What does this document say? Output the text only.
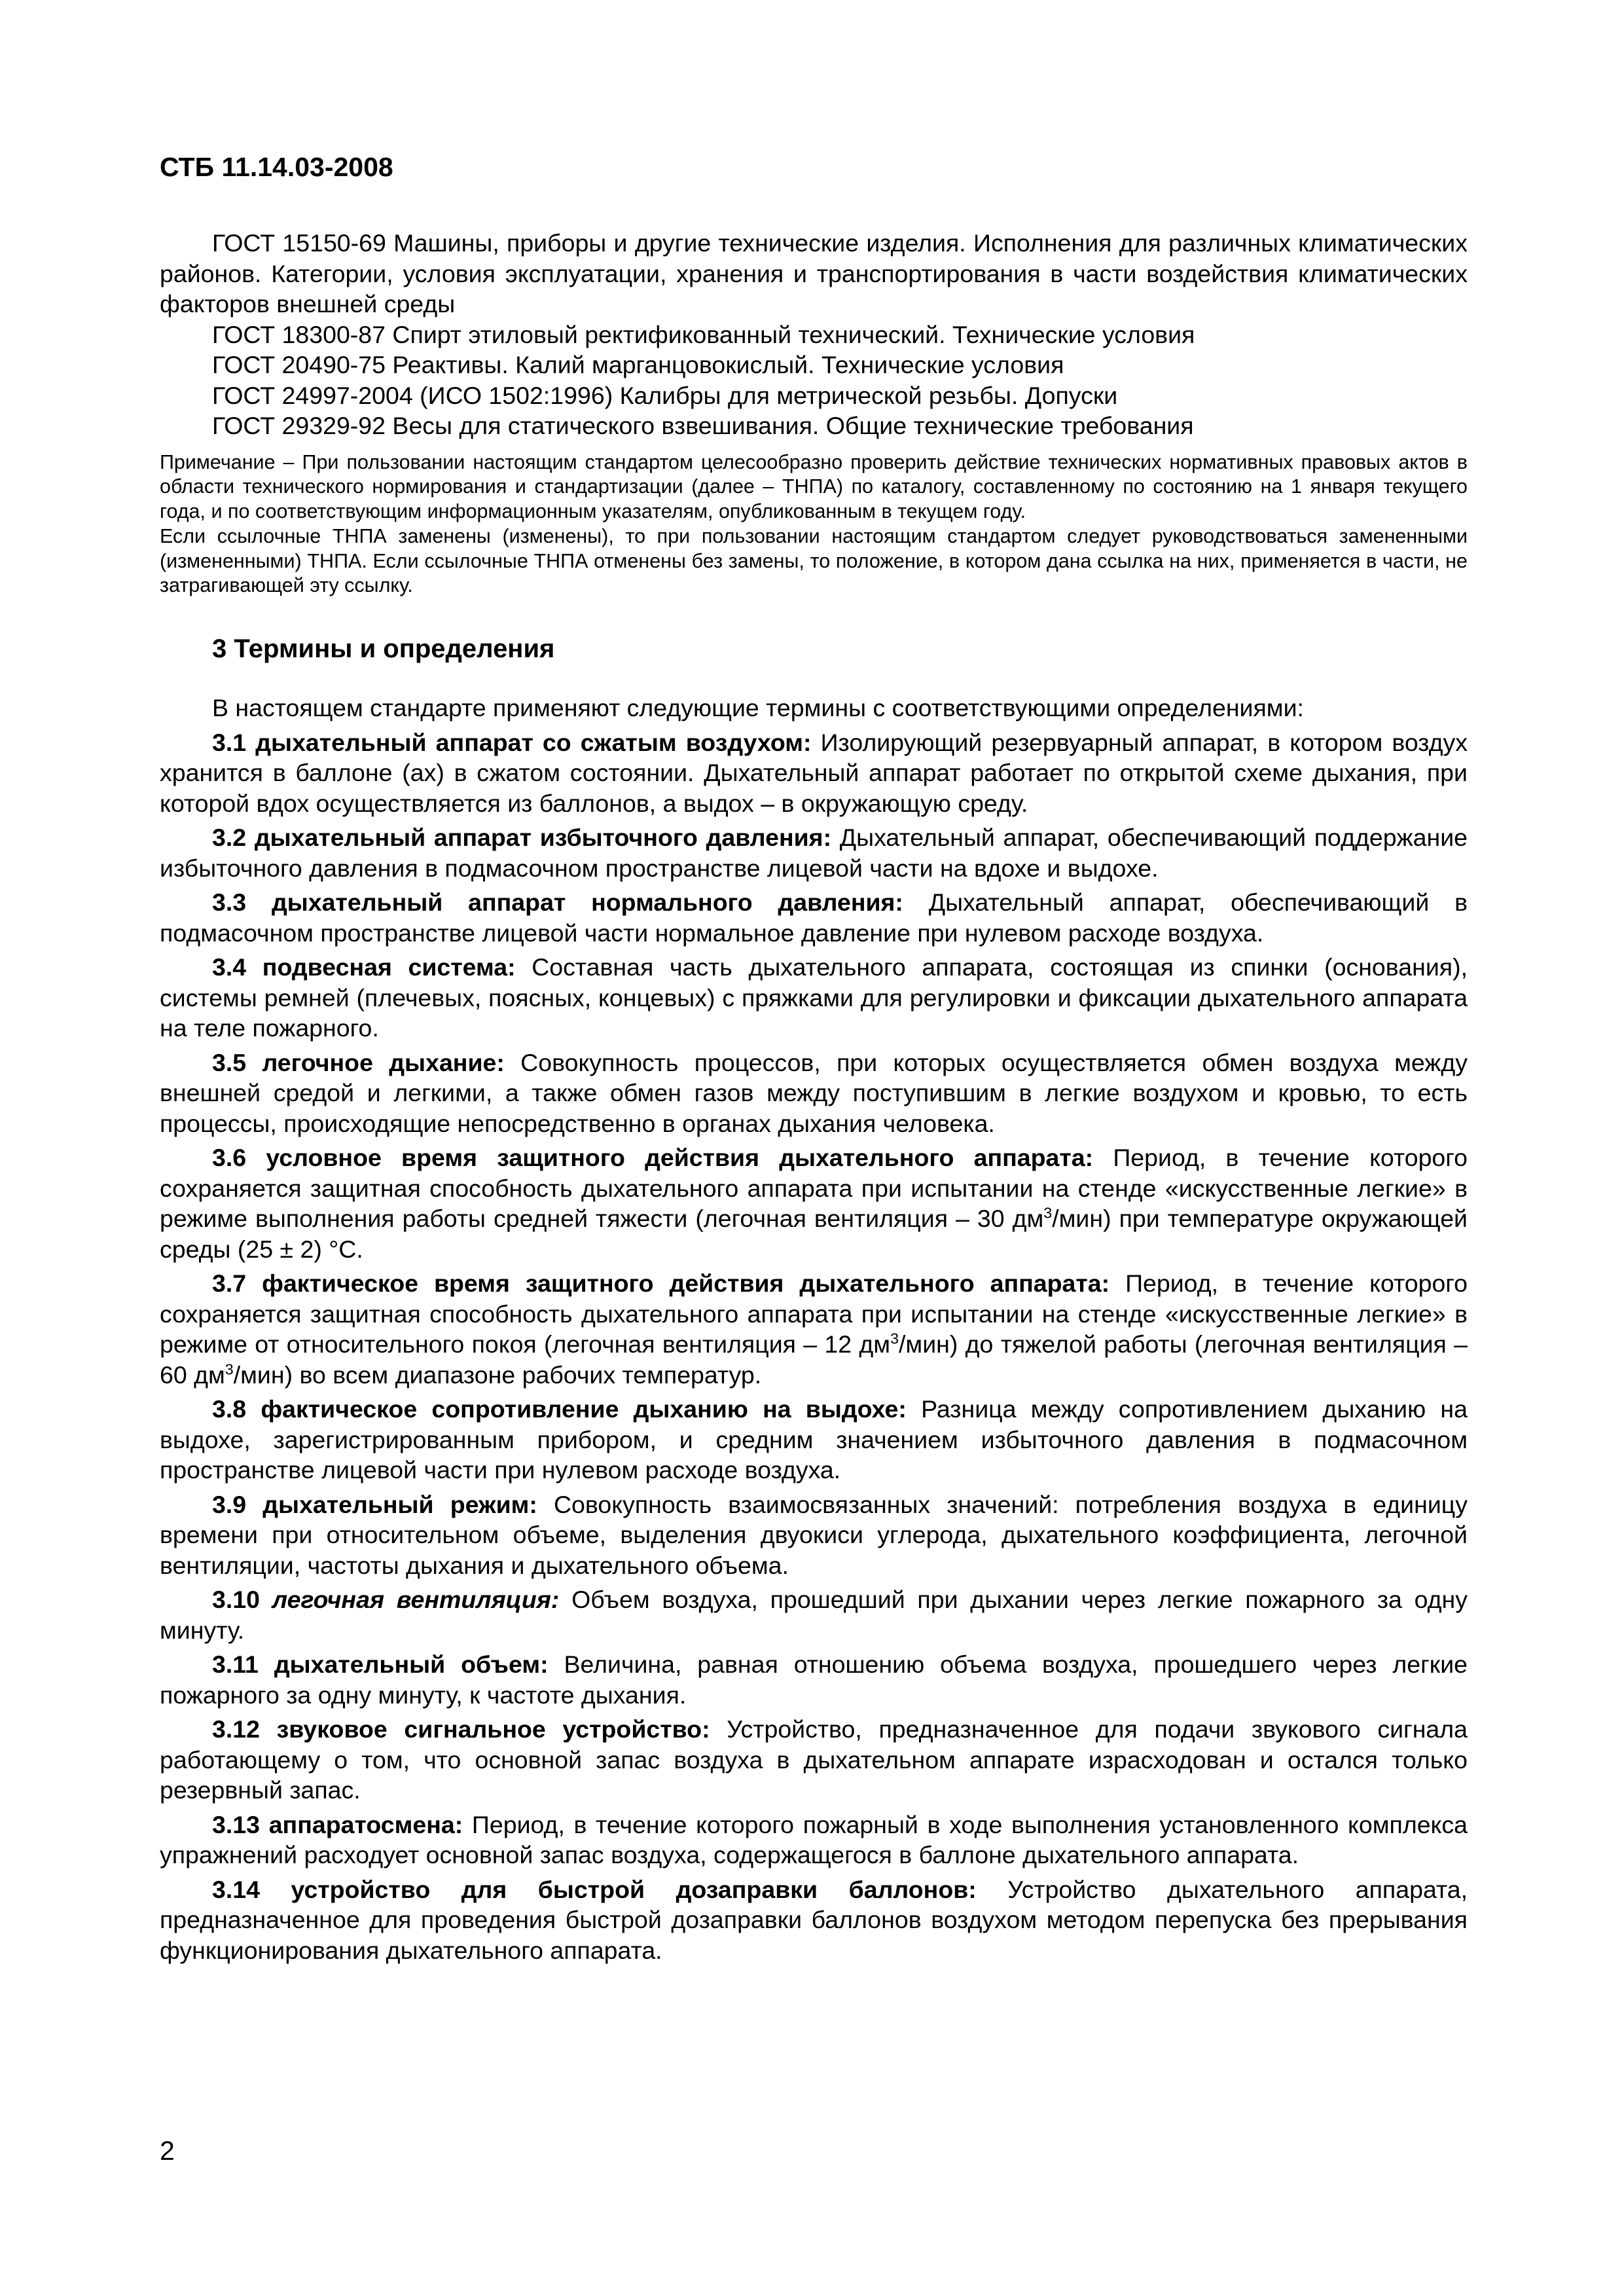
СТБ 11.14.03-2008

ГОСТ 15150-69 Машины, приборы и другие технические изделия. Исполнения для различных климатических районов. Категории, условия эксплуатации, хранения и транспортирования в части воздействия климатических факторов внешней среды

ГОСТ 18300-87 Спирт этиловый ректификованный технический. Технические условия

ГОСТ 20490-75 Реактивы. Калий марганцовокислый. Технические условия

ГОСТ 24997-2004 (ИСО 1502:1996) Калибры для метрической резьбы. Допуски

ГОСТ 29329-92 Весы для статического взвешивания. Общие технические требования

Примечание – При пользовании настоящим стандартом целесообразно проверить действие технических нормативных правовых актов в области технического нормирования и стандартизации (далее – ТНПА) по каталогу, составленному по состоянию на 1 января текущего года, и по соответствующим информационным указателям, опубликованным в текущем году.

Если ссылочные ТНПА заменены (изменены), то при пользовании настоящим стандартом следует руководствоваться замененными (измененными) ТНПА. Если ссылочные ТНПА отменены без замены, то положение, в котором дана ссылка на них, применяется в части, не затрагивающей эту ссылку.

3 Термины и определения

В настоящем стандарте применяют следующие термины с соответствующими определениями:

3.1 дыхательный аппарат со сжатым воздухом: Изолирующий резервуарный аппарат, в котором воздух хранится в баллоне (ах) в сжатом состоянии. Дыхательный аппарат работает по открытой схеме дыхания, при которой вдох осуществляется из баллонов, а выдох – в окружающую среду.

3.2 дыхательный аппарат избыточного давления: Дыхательный аппарат, обеспечивающий поддержание избыточного давления в подмасочном пространстве лицевой части на вдохе и выдохе.

3.3 дыхательный аппарат нормального давления: Дыхательный аппарат, обеспечивающий в подмасочном пространстве лицевой части нормальное давление при нулевом расходе воздуха.

3.4 подвесная система: Составная часть дыхательного аппарата, состоящая из спинки (основания), системы ремней (плечевых, поясных, концевых) с пряжками для регулировки и фиксации дыхательного аппарата на теле пожарного.

3.5 легочное дыхание: Совокупность процессов, при которых осуществляется обмен воздуха между внешней средой и легкими, а также обмен газов между поступившим в легкие воздухом и кровью, то есть процессы, происходящие непосредственно в органах дыхания человека.

3.6 условное время защитного действия дыхательного аппарата: Период, в течение которого сохраняется защитная способность дыхательного аппарата при испытании на стенде «искусственные легкие» в режиме выполнения работы средней тяжести (легочная вентиляция – 30 $дм^3/мин$) при температуре окружающей среды (25 ± 2) °С.

3.7 фактическое время защитного действия дыхательного аппарата: Период, в течение которого сохраняется защитная способность дыхательного аппарата при испытании на стенде «искусственные легкие» в режиме от относительного покоя (легочная вентиляция – 12 $дм^3/мин$) до тяжелой работы (легочная вентиляция – 60 $дм^3/мин$) во всем диапазоне рабочих температур.

3.8 фактическое сопротивление дыханию на выдохе: Разница между сопротивлением дыханию на выдохе, зарегистрированным прибором, и средним значением избыточного давления в подмасочном пространстве лицевой части при нулевом расходе воздуха.

3.9 дыхательный режим: Совокупность взаимосвязанных значений: потребления воздуха в единицу времени при относительном объеме, выделения двуокиси углерода, дыхательного коэффициента, легочной вентиляции, частоты дыхания и дыхательного объема.

3.10 легочная вентиляция: Объем воздуха, прошедший при дыхании через легкие пожарного за одну минуту.

3.11 дыхательный объем: Величина, равная отношению объема воздуха, прошедшего через легкие пожарного за одну минуту, к частоте дыхания.

3.12 звуковое сигнальное устройство: Устройство, предназначенное для подачи звукового сигнала работающему о том, что основной запас воздуха в дыхательном аппарате израсходован и остался только резервный запас.

3.13 аппаратосмена: Период, в течение которого пожарный в ходе выполнения установленного комплекса упражнений расходует основной запас воздуха, содержащегося в баллоне дыхательного аппарата.

3.14 устройство для быстрой дозаправки баллонов: Устройство дыхательного аппарата, предназначенное для проведения быстрой дозаправки баллонов воздухом методом перепуска без прерывания функционирования дыхательного аппарата.

2
